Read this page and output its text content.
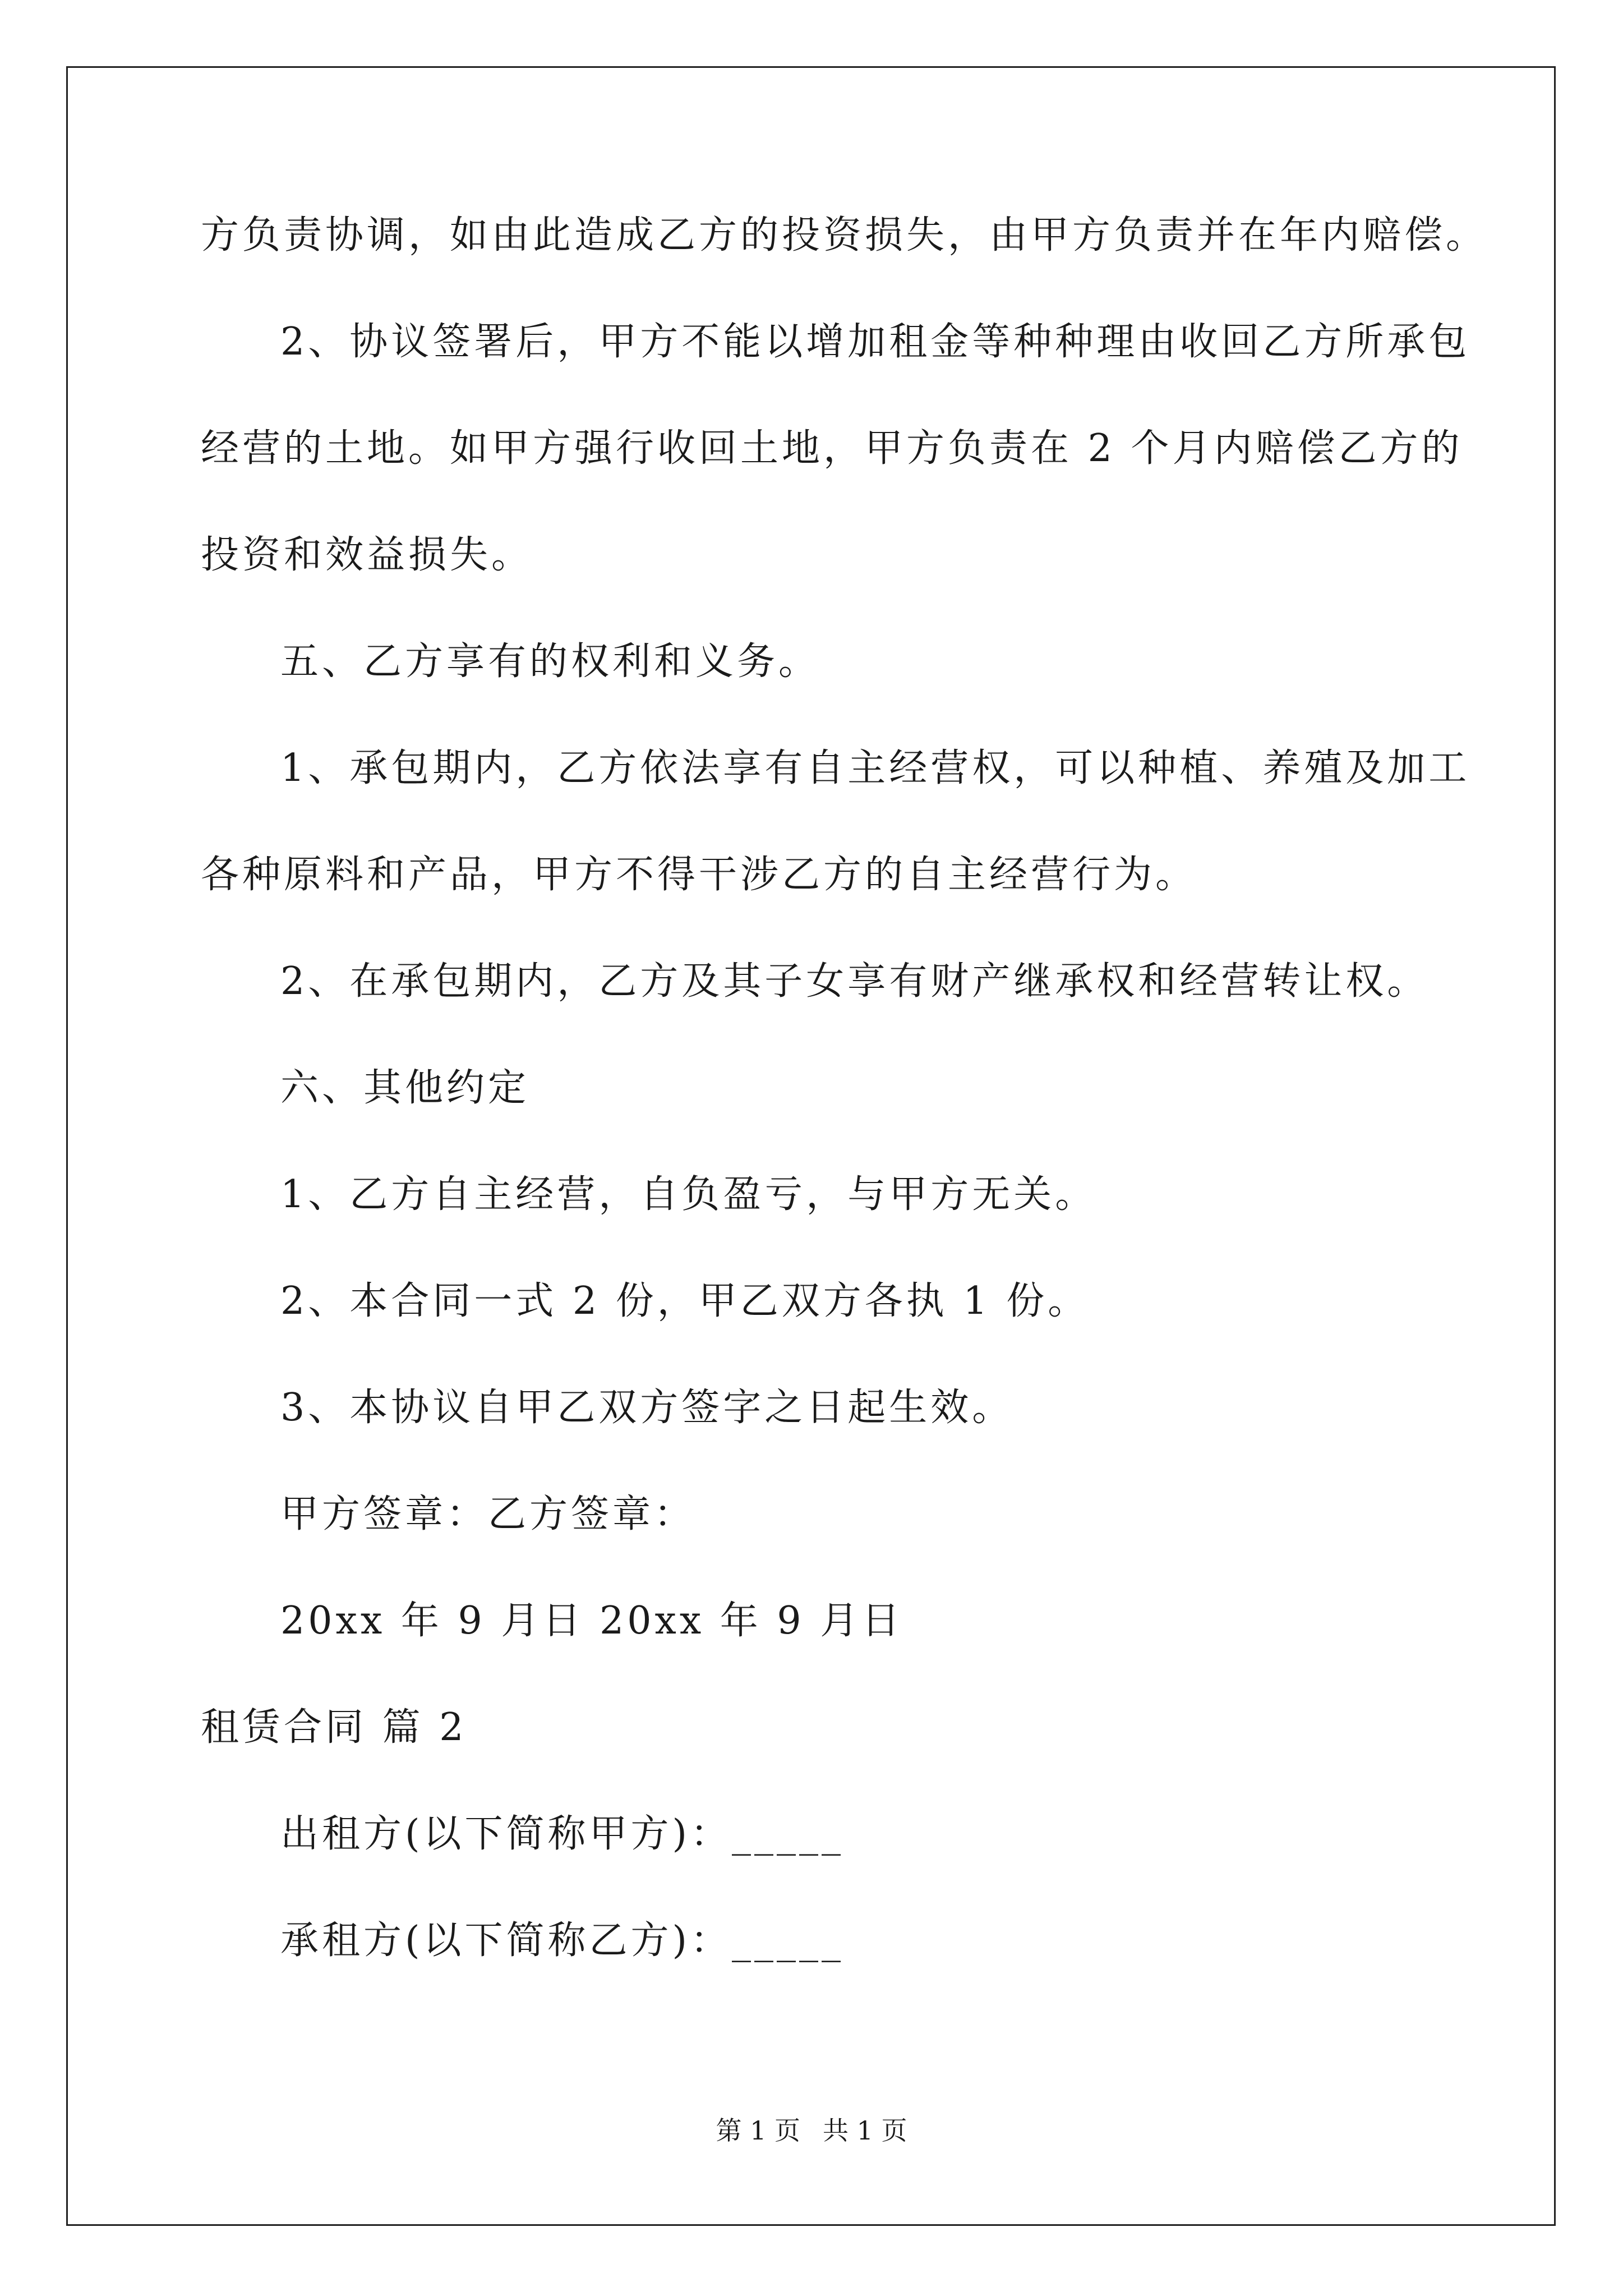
方负责协调，如由此造成乙方的投资损失，由甲方负责并在年内赔偿。
2、协议签署后，甲方不能以增加租金等种种理由收回乙方所承包
经营的土地。如甲方强行收回土地，甲方负责在 2 个月内赔偿乙方的
投资和效益损失。
五、乙方享有的权利和义务。
1、承包期内，乙方依法享有自主经营权，可以种植、养殖及加工
各种原料和产品，甲方不得干涉乙方的自主经营行为。
2、在承包期内，乙方及其子女享有财产继承权和经营转让权。
六、其他约定
1、乙方自主经营，自负盈亏，与甲方无关。
2、本合同一式 2 份，甲乙双方各执 1 份。
3、本协议自甲乙双方签字之日起生效。
甲方签章：乙方签章：
20xx 年 9 月日 20xx 年 9 月日
租赁合同 篇 2
出租方(以下简称甲方)：_____
承租方(以下简称乙方)：_____
第 1 页 共 1 页
